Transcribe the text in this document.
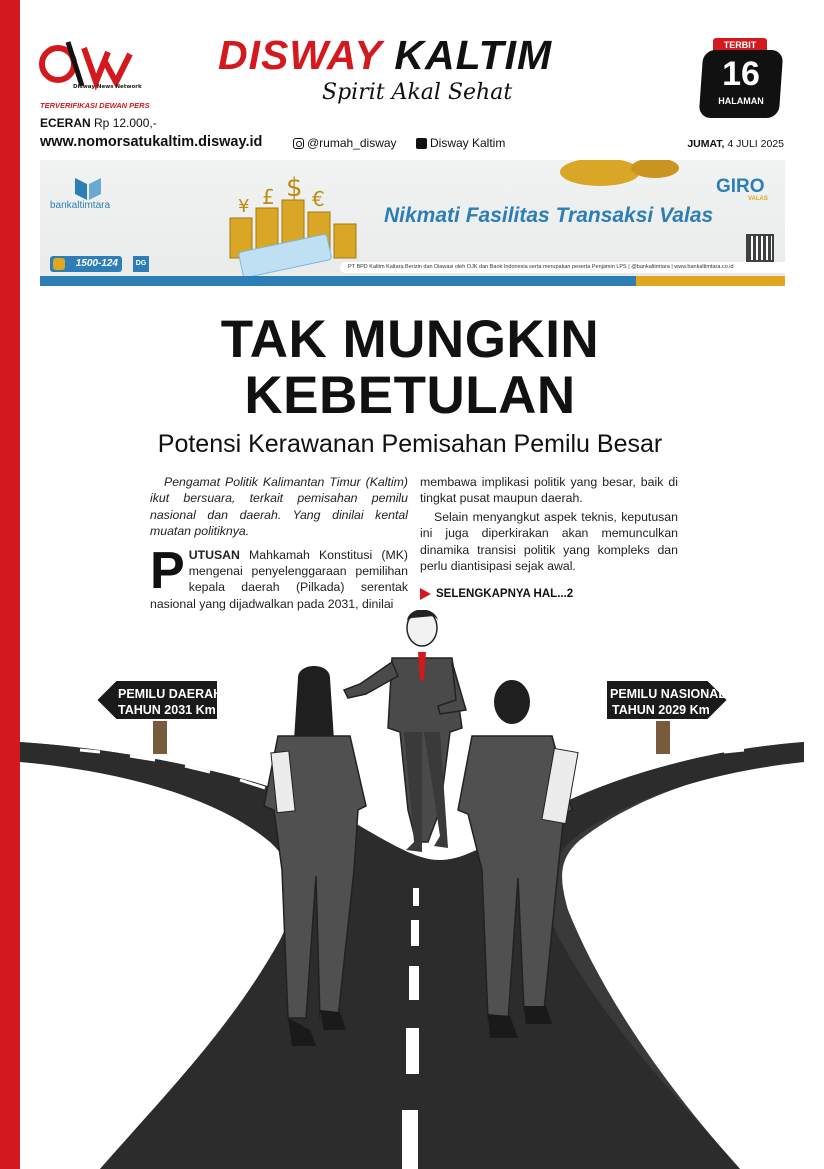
Disway News Network
TERVERIFIKASI DEWAN PERS
ECERAN Rp 12.000,-
www.nomorsatukaltim.disway.id
DISWAY KALTIM
Spirit Akal Sehat
@rumah_disway	Disway Kaltim
TERBIT
16
HALAMAN
JUMAT, 4 JULI 2025
bankaltimtara	¥ £ $ €
Nikmati Fasilitas Transaksi Valas
GIRO
VALAS
1500-124	DG	PT BPD Kaltim Kaltara Berizin dan Diawasi oleh OJK dan Bank Indonesia serta merupakan peserta Penjamin LPS | @bankaltimtara | www.bankaltimtara.co.id
TAK MUNGKIN
KEBETULAN
Potensi Kerawanan Pemisahan Pemilu Besar

Pengamat Politik Kalimantan Timur (Kaltim) ikut bersuara, terkait pemisahan pemilu nasional dan daerah. Yang dinilai kental muatan politiknya.

PUTUSAN Mahkamah Konstitusi (MK) mengenai penyelenggaraan pemilihan kepala daerah (Pilkada) serentak nasional yang dijadwalkan pada 2031, dinilai

membawa implikasi politik yang besar, baik di tingkat pusat maupun daerah.

Selain menyangkut aspek teknis, keputusan ini juga diperkirakan akan memunculkan dinamika transisi politik yang kompleks dan perlu diantisipasi sejak awal.

SELENGKAPNYA HAL...2
PEMILU DAERAH
TAHUN 2031 Km
PEMILU NASIONAL
TAHUN 2029 Km
